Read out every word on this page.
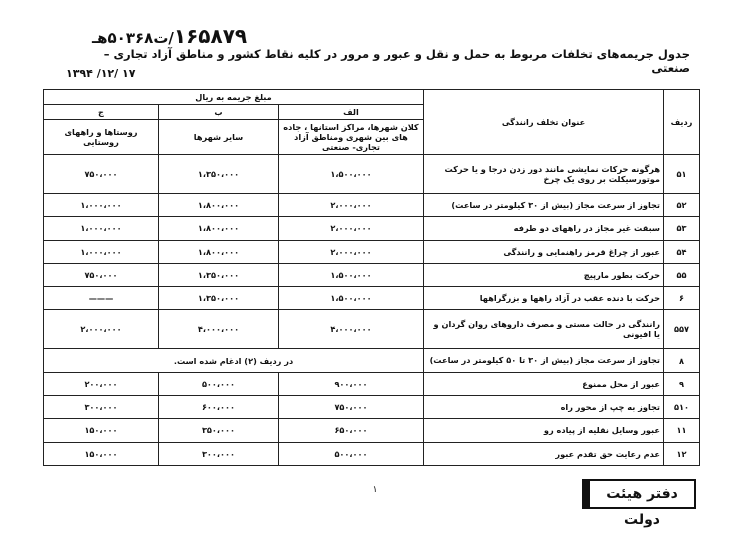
۱۶۵۸۷۹/ت۵۰۳۶۸هـ
جدول جریمه‌های تخلفات مربوط به حمل و نقل و عبور و مرور در کلیه نقاط کشور و مناطق آزاد تجاری –صنعتی
۱۷ /۱۲/ ۱۳۹۴
ردیف	عنوان تخلف رانندگی	مبلغ جریمه به ریال		
		الف	ب	ج
		کلان شهرها، مراکز استانها ، جاده های بین شهری ومناطق آزاد تجاری- صنعتی	سایر شهرها	روستاها و راههای روستایی
۵۱	هرگونه حرکات نمایشی مانند دور زدن درجا و یا حرکت موتورسیکلت بر روی یک چرخ	۱،۵۰۰،۰۰۰	۱،۳۵۰،۰۰۰	۷۵۰،۰۰۰
۵۲	تجاوز از سرعت مجاز (بیش از ۳۰ کیلومتر در ساعت)	۲،۰۰۰،۰۰۰	۱،۸۰۰،۰۰۰	۱،۰۰۰،۰۰۰
۵۳	سبقت غیر مجاز در راههای دو طرفه	۲،۰۰۰،۰۰۰	۱،۸۰۰،۰۰۰	۱،۰۰۰،۰۰۰
۵۴	عبور از چراغ قرمز راهنمایی و رانندگی	۲،۰۰۰،۰۰۰	۱،۸۰۰،۰۰۰	۱،۰۰۰،۰۰۰
۵۵	حرکت بطور مارپیچ	۱،۵۰۰،۰۰۰	۱،۳۵۰،۰۰۰	۷۵۰،۰۰۰
۶	حرکت با دنده عقب در آزاد راهها و بزرگراهها	۱،۵۰۰،۰۰۰	۱،۳۵۰،۰۰۰	———
۵۵۷	رانندگی در حالت مستی و مصرف داروهای روان گردان و یا افیونی	۴،۰۰۰،۰۰۰	۴،۰۰۰،۰۰۰	۲،۰۰۰،۰۰۰
۸	تجاوز از سرعت مجاز (بیش از ۳۰ تا ۵۰ کیلومتر در ساعت)	در ردیف (۲) ادغام شده است.		
۹	عبور از محل ممنوع	۹۰۰،۰۰۰	۵۰۰،۰۰۰	۲۰۰،۰۰۰
۵۱۰	تجاوز به چپ از محور راه	۷۵۰،۰۰۰	۶۰۰،۰۰۰	۳۰۰،۰۰۰
۱۱	عبور وسایل نقلیه از پیاده رو	۶۵۰،۰۰۰	۳۵۰،۰۰۰	۱۵۰،۰۰۰
۱۲	عدم رعایت حق تقدم عبور	۵۰۰،۰۰۰	۳۰۰،۰۰۰	۱۵۰،۰۰۰
۱	دفتر هیئت دولت
